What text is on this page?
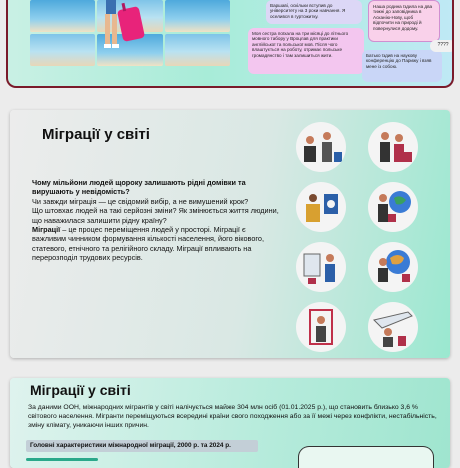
Варшаві, оскільки вступив до університету на 3 роки навчання. Я оселився в гуртожитку.
Моя сестра поїхала на три місяці до літнього мовного табору у Вроцлав для практики англійської та польської мов. Після чого влаштується на роботу, отримає польське громадянство і там залишиться жити.
Наша родина їздила на два тижні до заповідника в Асканію-Нову, щоб відпочити на природі й повернулися додому.
Батько їздив на наукову конференцію до Парижу і взяв мене із собою.
????
Міграції у світі
Чому мільйони людей щороку залишають рідні домівки та вирушають у невідомість?
Чи завжди міграція — це свідомий вибір, а не вимушений крок?
Що штовхає людей на такі серйозні зміни? Як змінюється життя людини, що наважилася залишити рідну країну?
Міграції – це процес переміщення людей у просторі. Міграції є важливим чинником формування кількості населення, його вікового, статевого, етнічного та релігійного складу. Міграції впливають на перерозподіл трудових ресурсів.
Міграції у світі
За даними ООН, міжнародних мігрантів у світі налічується майже 304 млн осіб (01.01.2025 р.), що становить близько 3,6 % світового населення. Мігранти переміщуються всередині країни свого походження або за її межі через конфлікти, нестабільність, зміну клімату, уникаючи інших причин.
Головні характеристики міжнародної міграції, 2000 р. та 2024 р.
